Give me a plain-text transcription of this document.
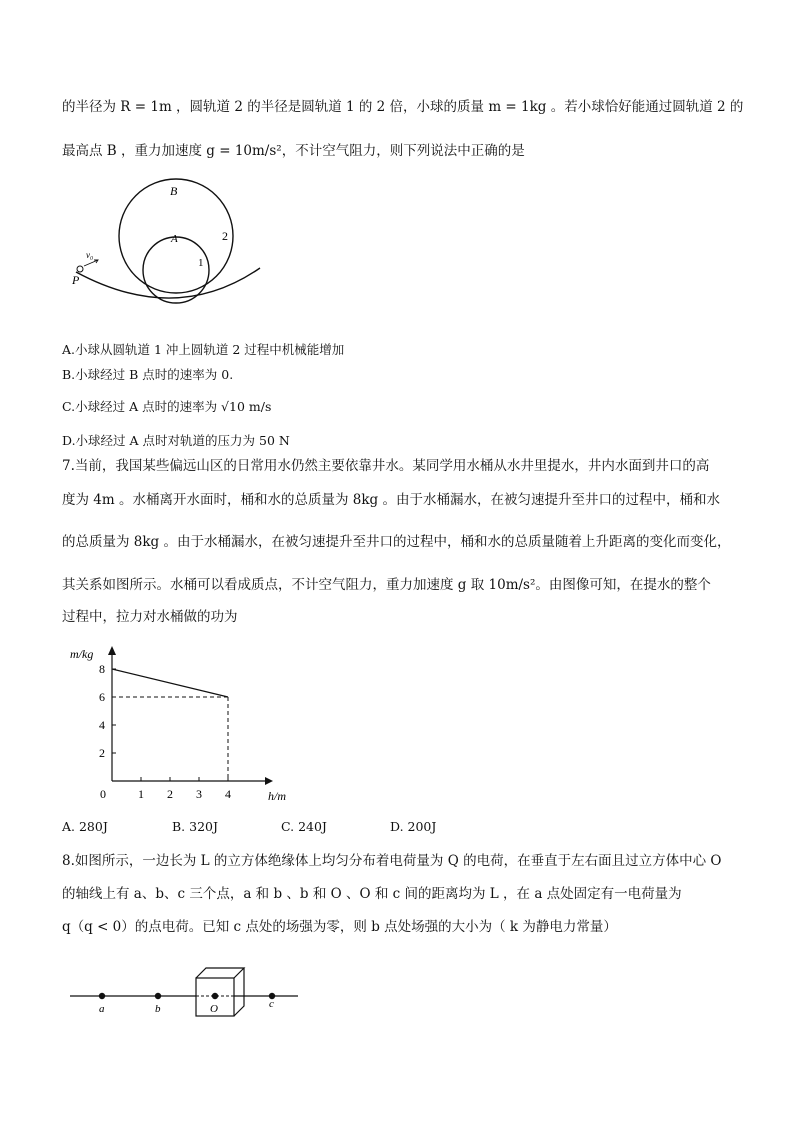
的半径为 R = 1m ，圆轨道 2 的半径是圆轨道 1 的 2 倍，小球的质量 m = 1kg 。若小球恰好能通过圆轨道 2 的
最高点 B ，重力加速度 g = 10m/s²，不计空气阻力，则下列说法中正确的是
B
A
1
2
v₀
P
A.小球从圆轨道 1 冲上圆轨道 2 过程中机械能增加
B.小球经过 B 点时的速率为 0.
C.小球经过 A 点时的速率为 √10 m/s
D.小球经过 A 点时对轨道的压力为 50 N
7.当前，我国某些偏远山区的日常用水仍然主要依靠井水。某同学用水桶从水井里提水，井内水面到井口的高
度为 4m 。水桶离开水面时，桶和水的总质量为 8kg 。由于水桶漏水，在被匀速提升至井口的过程中，桶和水
的总质量为 8kg 。由于水桶漏水，在被匀速提升至井口的过程中，桶和水的总质量随着上升距离的变化而变化，
其关系如图所示。水桶可以看成质点，不计空气阻力，重力加速度 g 取 10m/s²。由图像可知，在提水的整个
过程中，拉力对水桶做的功为
m/kg
h/m
0	1 2 3 4
2
4
6
8
A. 280J	B. 320J	C. 240J	D. 200J
8.如图所示，一边长为 L 的立方体绝缘体上均匀分布着电荷量为 Q 的电荷，在垂直于左右面且过立方体中心 O
的轴线上有 a、b、c 三个点，a 和 b 、b 和 O 、O 和 c 间的距离均为 L ，在 a 点处固定有一电荷量为
q（q < 0）的点电荷。已知 c 点处的场强为零，则 b 点处场强的大小为（ k 为静电力常量）
a	b	O	c
